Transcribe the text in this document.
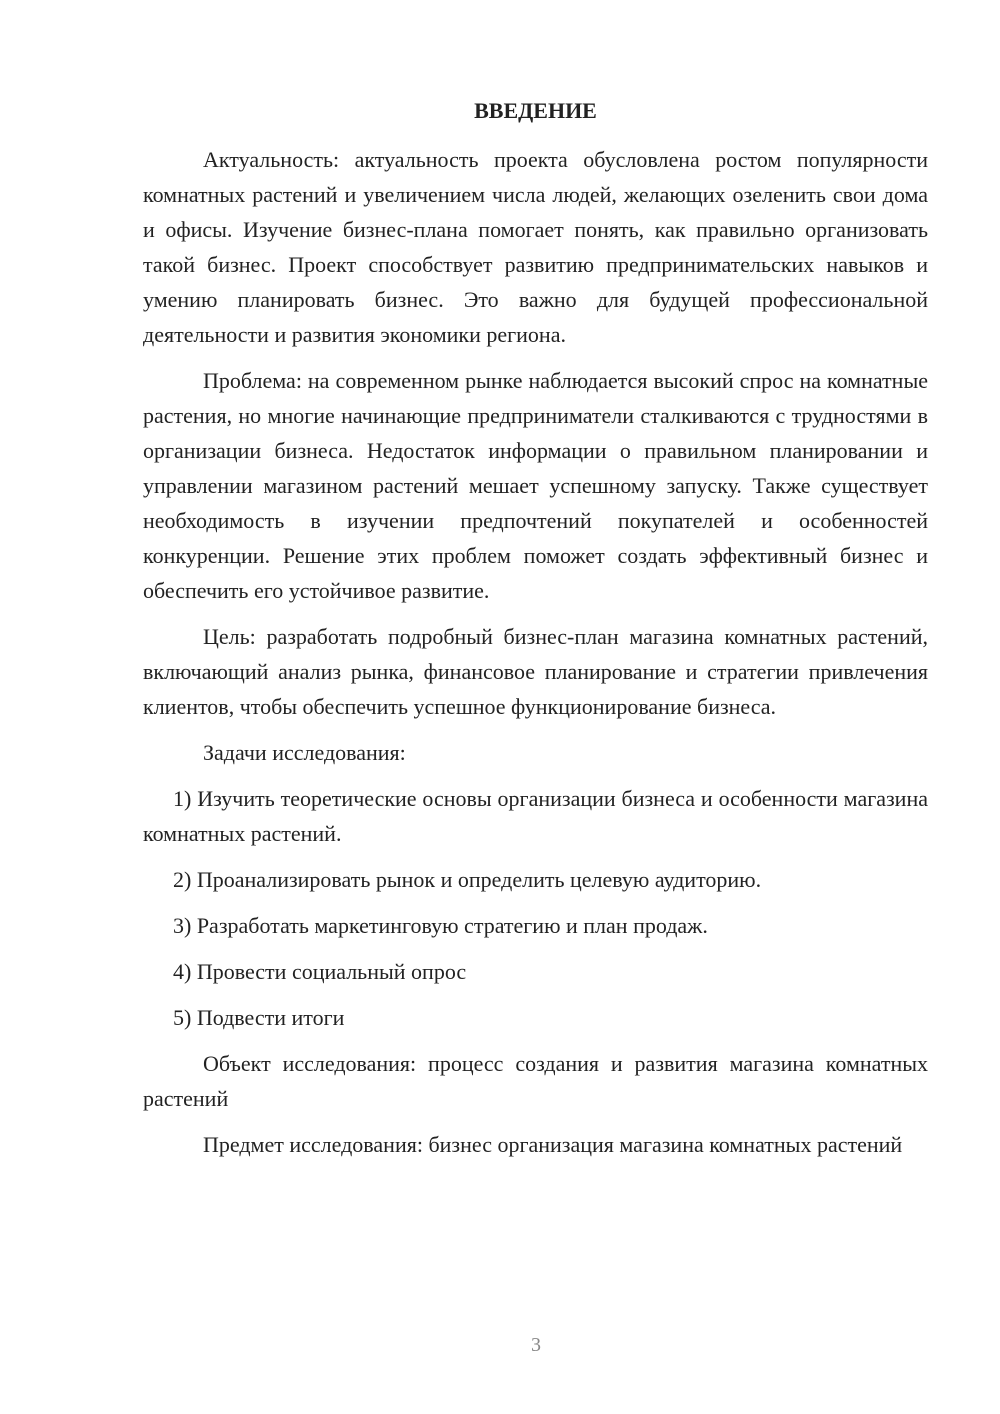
ВВЕДЕНИЕ

Актуальность: актуальность проекта обусловлена ростом популярности комнатных растений и увеличением числа людей, желающих озеленить свои дома и офисы. Изучение бизнес-плана помогает понять, как правильно организовать такой бизнес. Проект способствует развитию предпринимательских навыков и умению планировать бизнес. Это важно для будущей профессиональной деятельности и развития экономики региона.

Проблема: на современном рынке наблюдается высокий спрос на комнатные растения, но многие начинающие предприниматели сталкиваются с трудностями в организации бизнеса. Недостаток информации о правильном планировании и управлении магазином растений мешает успешному запуску. Также существует необходимость в изучении предпочтений покупателей и особенностей конкуренции. Решение этих проблем поможет создать эффективный бизнес и обеспечить его устойчивое развитие.

Цель: разработать подробный бизнес-план магазина комнатных растений, включающий анализ рынка, финансовое планирование и стратегии привлечения клиентов, чтобы обеспечить успешное функционирование бизнеса.

Задачи исследования:

1) Изучить теоретические основы организации бизнеса и особенности магазина комнатных растений.

2) Проанализировать рынок и определить целевую аудиторию.

3) Разработать маркетинговую стратегию и план продаж.

4) Провести социальный опрос

5) Подвести итоги

Объект исследования: процесс создания и развития магазина комнатных растений

Предмет исследования: бизнес организация магазина комнатных растений

3
